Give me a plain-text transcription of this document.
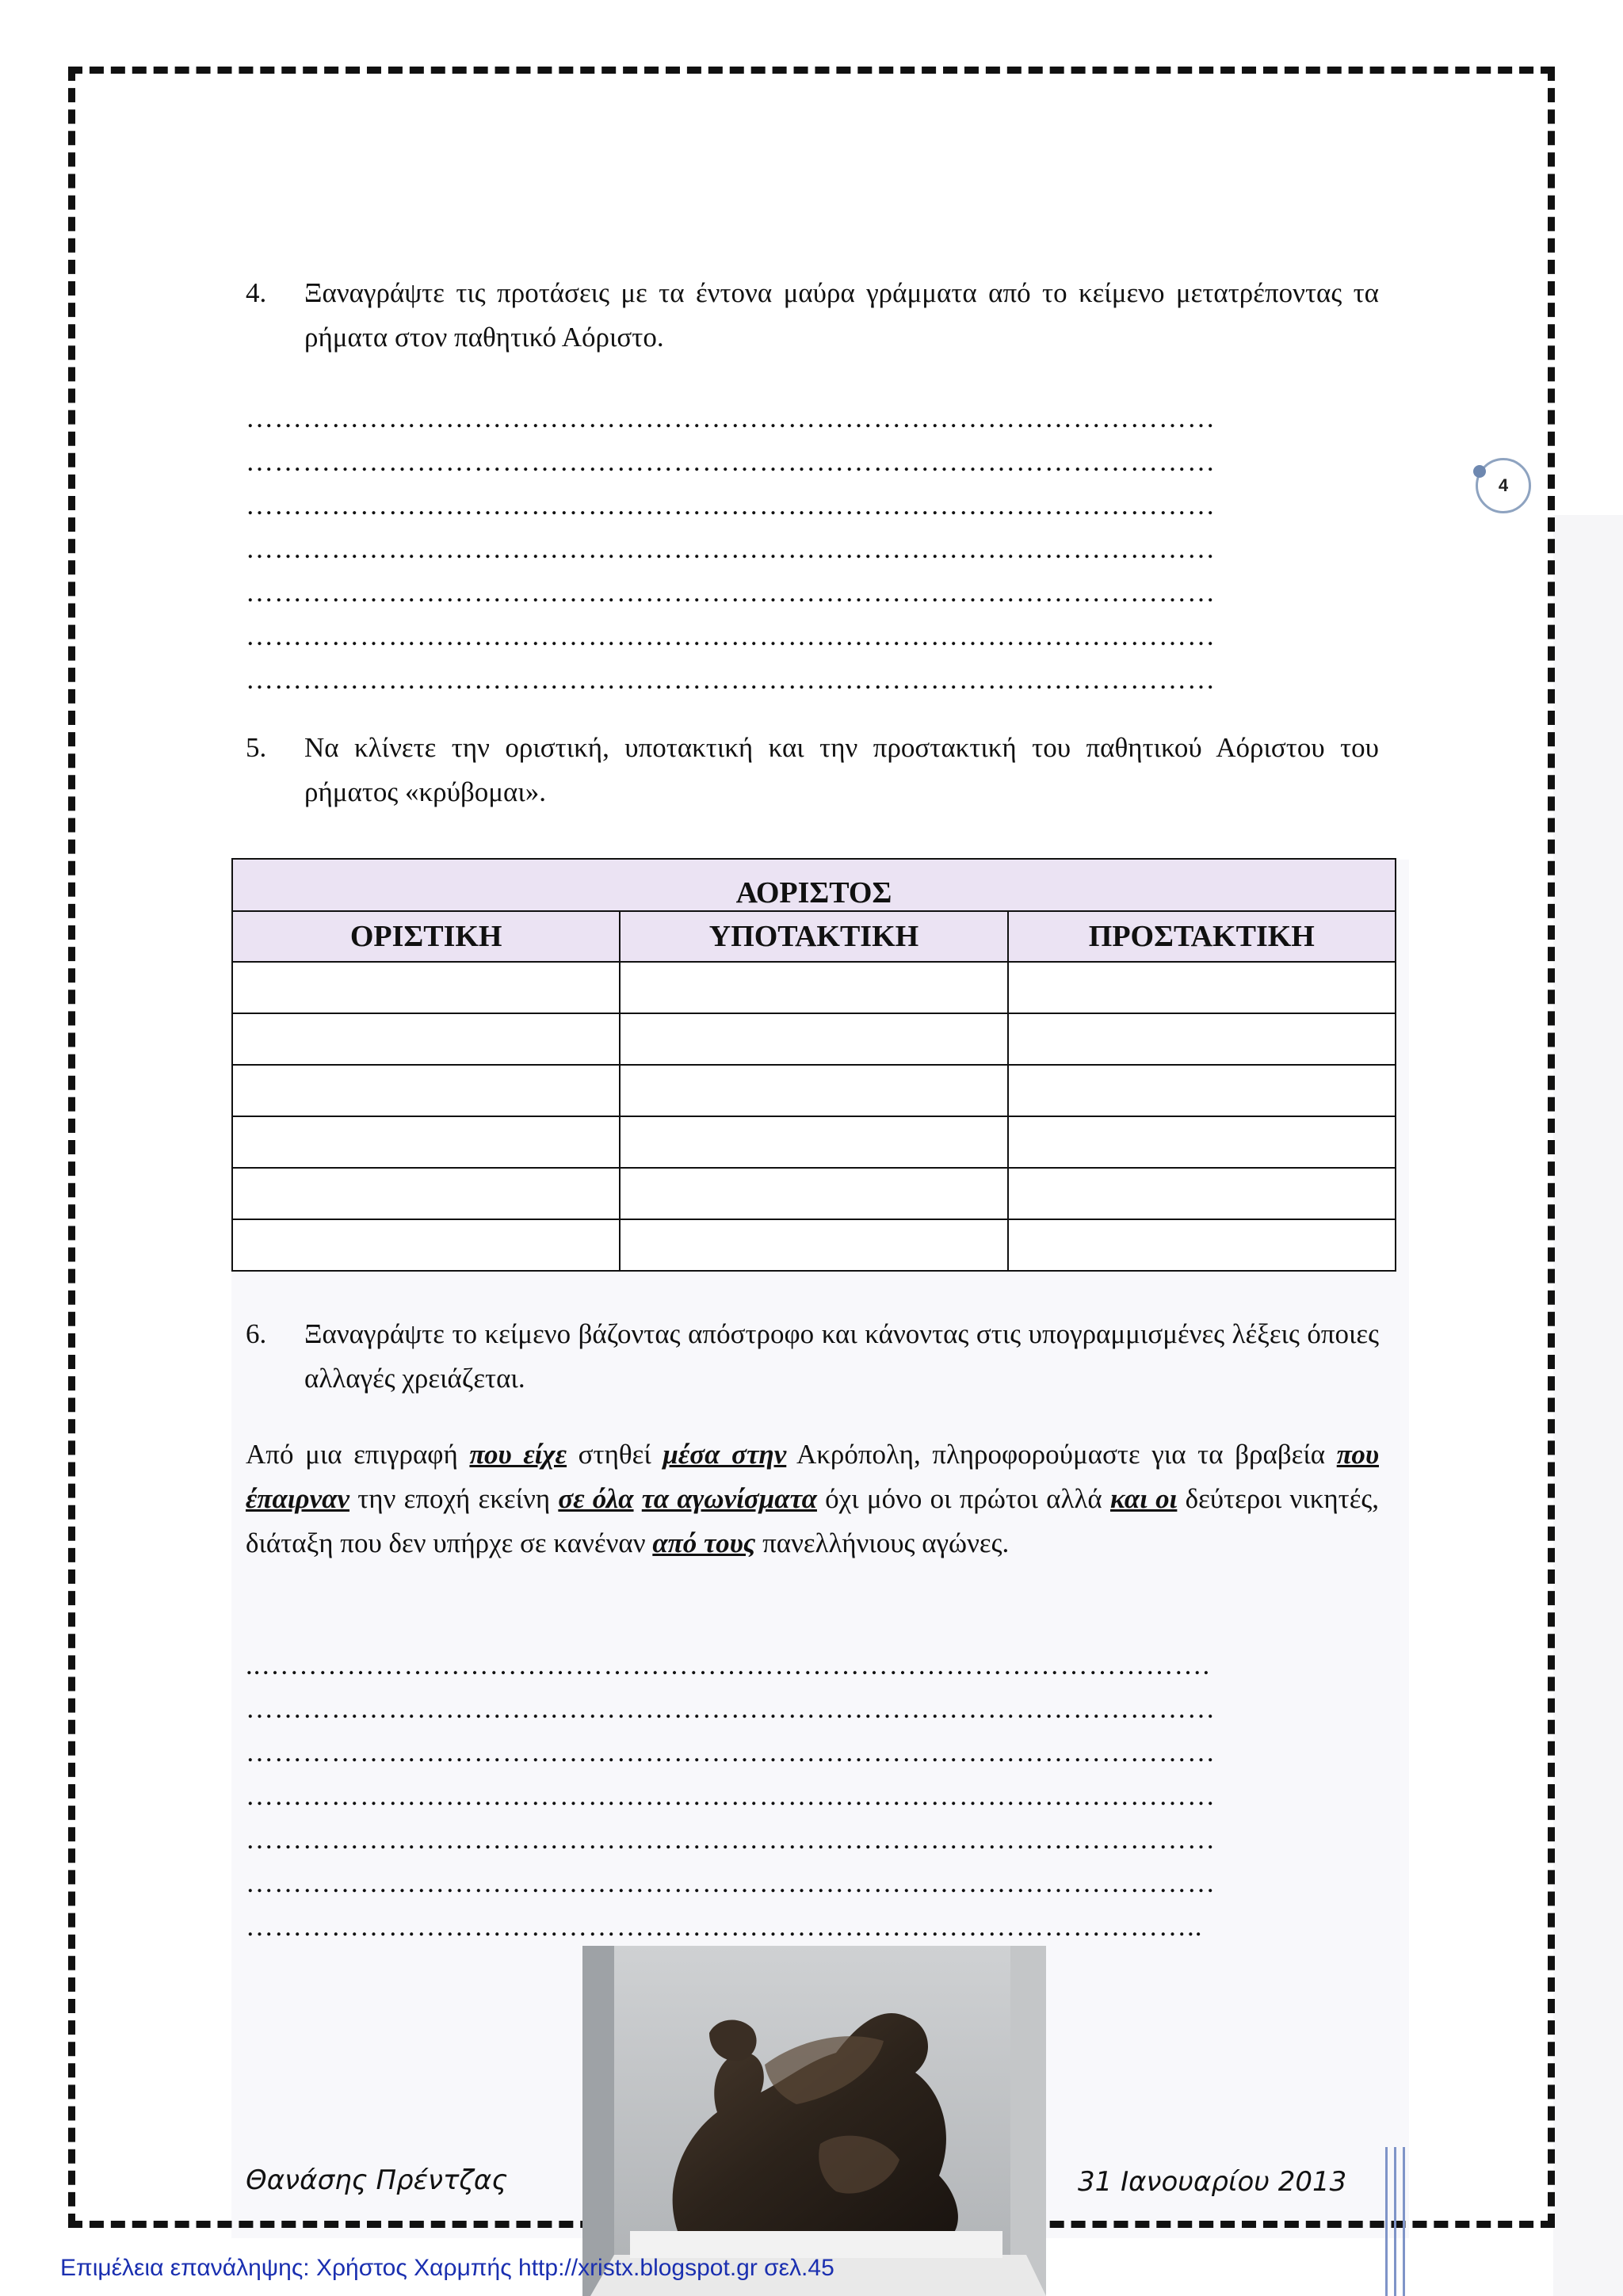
4
4.	Ξαναγράψτε τις προτάσεις με τα έντονα μαύρα γράμματα από το κείμενο μετατρέποντας τα ρήματα στον παθητικό Αόριστο.
…………………………………………………………………………………………
…………………………………………………………………………………………
…………………………………………………………………………………………
…………………………………………………………………………………………
…………………………………………………………………………………………
…………………………………………………………………………………………
…………………………………………………………………………………………
5.	Να κλίνετε την οριστική, υποτακτική και την προστακτική του παθητικού Αόριστου του ρήματος «κρύβομαι».
ΑΟΡΙΣΤΟΣ		
ΟΡΙΣΤΙΚΗ	ΥΠΟΤΑΚΤΙΚΗ	ΠΡΟΣΤΑΚΤΙΚΗ

6.	Ξαναγράψτε το κείμενο βάζοντας απόστροφο και κάνοντας στις υπογραμμισμένες λέξεις όποιες αλλαγές χρειάζεται.
Από μια επιγραφή που είχε στηθεί μέσα στην Ακρόπολη, πληροφορούμαστε για τα βραβεία που έπαιρναν την εποχή εκείνη σε όλα τα αγωνίσματα όχι μόνο οι πρώτοι αλλά και οι δεύτεροι νικητές, διάταξη που δεν υπήρχε σε κανέναν από τους πανελλήνιους αγώνες.
..……………………………………………………………………………………….
…………………………………………………………………………………………
…………………………………………………………………………………………
…………………………………………………………………………………………
…………………………………………………………………………………………
…………………………………………………………………………………………
………………………………………………………………………………………..
Θανάσης Πρέντζας	31 Ιανουαρίου 2013
Επιμέλεια επανάληψης: Χρήστος Χαρμπής http://xristx.blogspot.gr σελ.45
